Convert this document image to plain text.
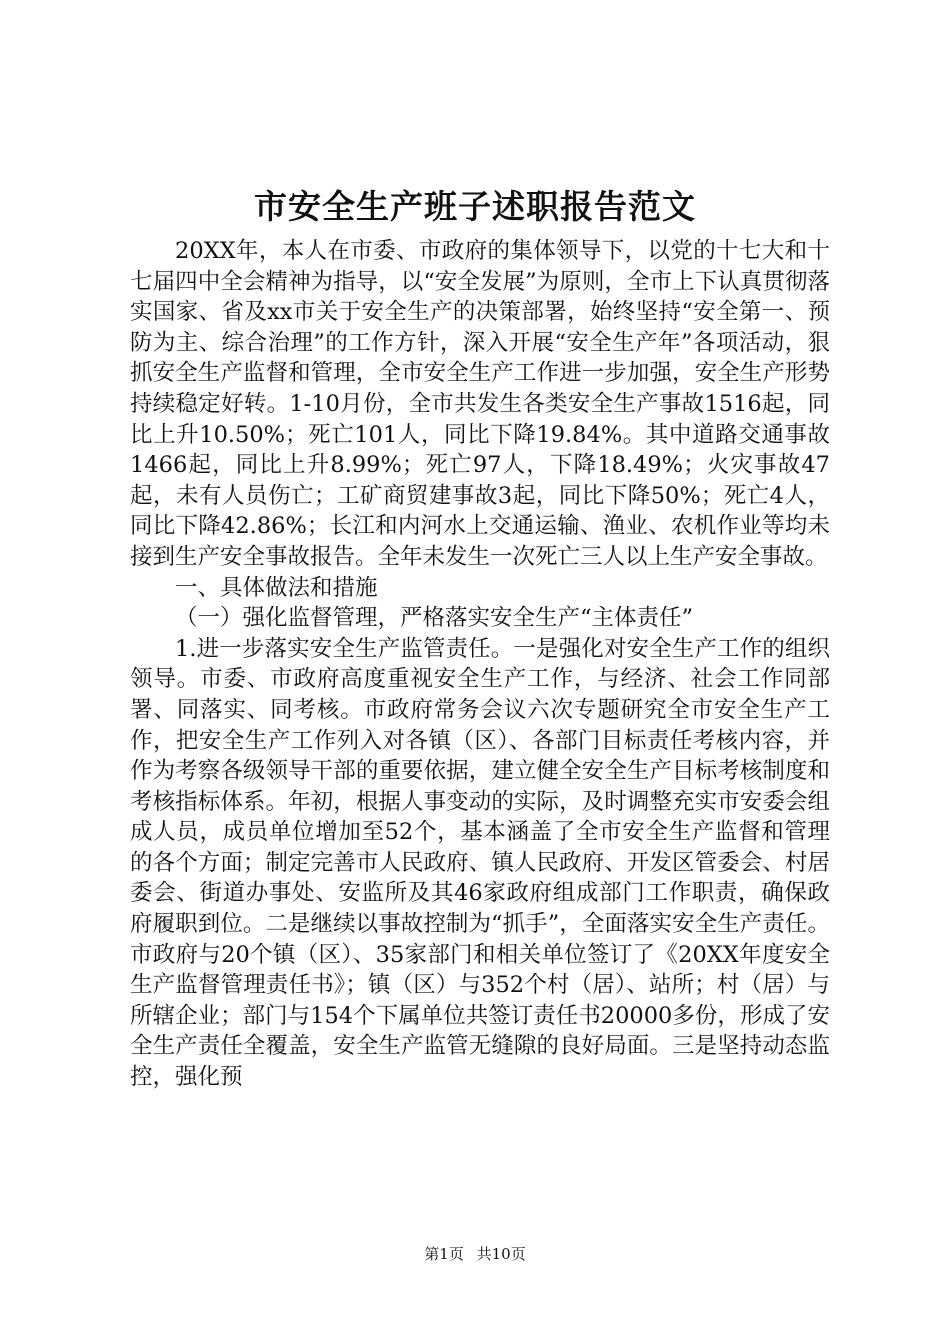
市安全生产班子述职报告范文

20XX年，本人在市委、市政府的集体领导下，以党的十七大和十七届四中全会精神为指导，以“安全发展”为原则，全市上下认真贯彻落实国家、省及xx市关于安全生产的决策部署，始终坚持“安全第一、预防为主、综合治理”的工作方针，深入开展“安全生产年”各项活动，狠抓安全生产监督和管理，全市安全生产工作进一步加强，安全生产形势持续稳定好转。1-10月份，全市共发生各类安全生产事故1516起，同比上升10.50%；死亡101人，同比下降19.84%。其中道路交通事故1466起，同比上升8.99%；死亡97人，下降18.49%；火灾事故47起，未有人员伤亡；工矿商贸建事故3起，同比下降50%；死亡4人，同比下降42.86%；长江和内河水上交通运输、渔业、农机作业等均未接到生产安全事故报告。全年未发生一次死亡三人以上生产安全事故。

一、具体做法和措施

（一）强化监督管理，严格落实安全生产“主体责任”

1.进一步落实安全生产监管责任。一是强化对安全生产工作的组织领导。市委、市政府高度重视安全生产工作，与经济、社会工作同部署、同落实、同考核。市政府常务会议六次专题研究全市安全生产工作，把安全生产工作列入对各镇（区）、各部门目标责任考核内容，并作为考察各级领导干部的重要依据，建立健全安全生产目标考核制度和考核指标体系。年初，根据人事变动的实际，及时调整充实市安委会组成人员，成员单位增加至52个，基本涵盖了全市安全生产监督和管理的各个方面；制定完善市人民政府、镇人民政府、开发区管委会、村居委会、街道办事处、安监所及其46家政府组成部门工作职责，确保政府履职到位。二是继续以事故控制为“抓手”，全面落实安全生产责任。市政府与20个镇（区）、35家部门和相关单位签订了《20XX年度安全生产监督管理责任书》；镇（区）与352个村（居）、站所；村（居）与所辖企业；部门与154个下属单位共签订责任书20000多份，形成了安全生产责任全覆盖，安全生产监管无缝隙的良好局面。三是坚持动态监控，强化预

第1页 共10页
